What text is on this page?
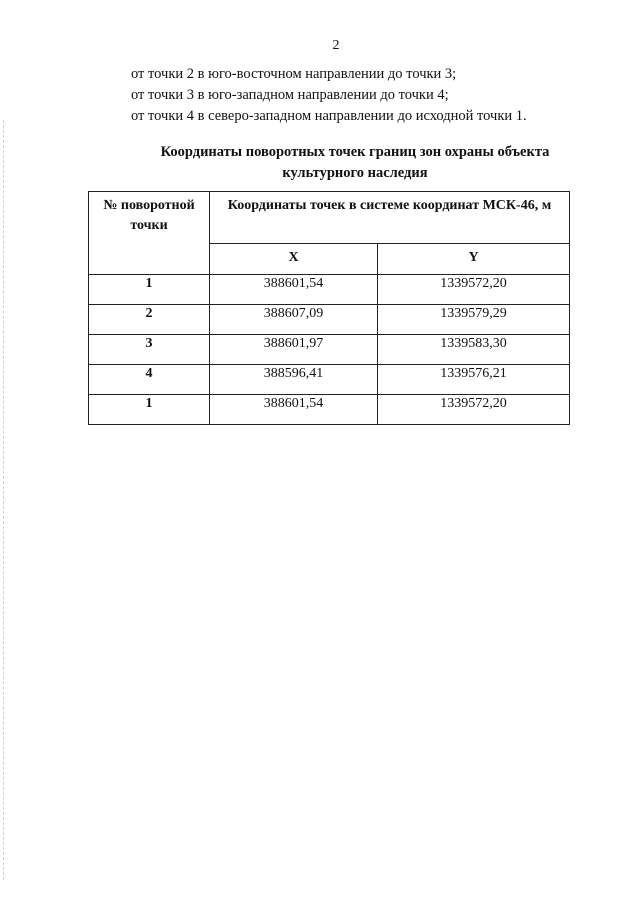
2
от точки 2 в юго-восточном направлении до точки 3;
от точки 3 в юго-западном направлении до точки 4;
от точки 4 в северо-западном направлении до исходной точки 1.
Координаты поворотных точек границ зон охраны объекта культурного наследия
№ поворотной точки	Координаты точек в системе координат МСК-46, м	
	X	Y
1	388601,54	1339572,20
2	388607,09	1339579,29
3	388601,97	1339583,30
4	388596,41	1339576,21
1	388601,54	1339572,20
